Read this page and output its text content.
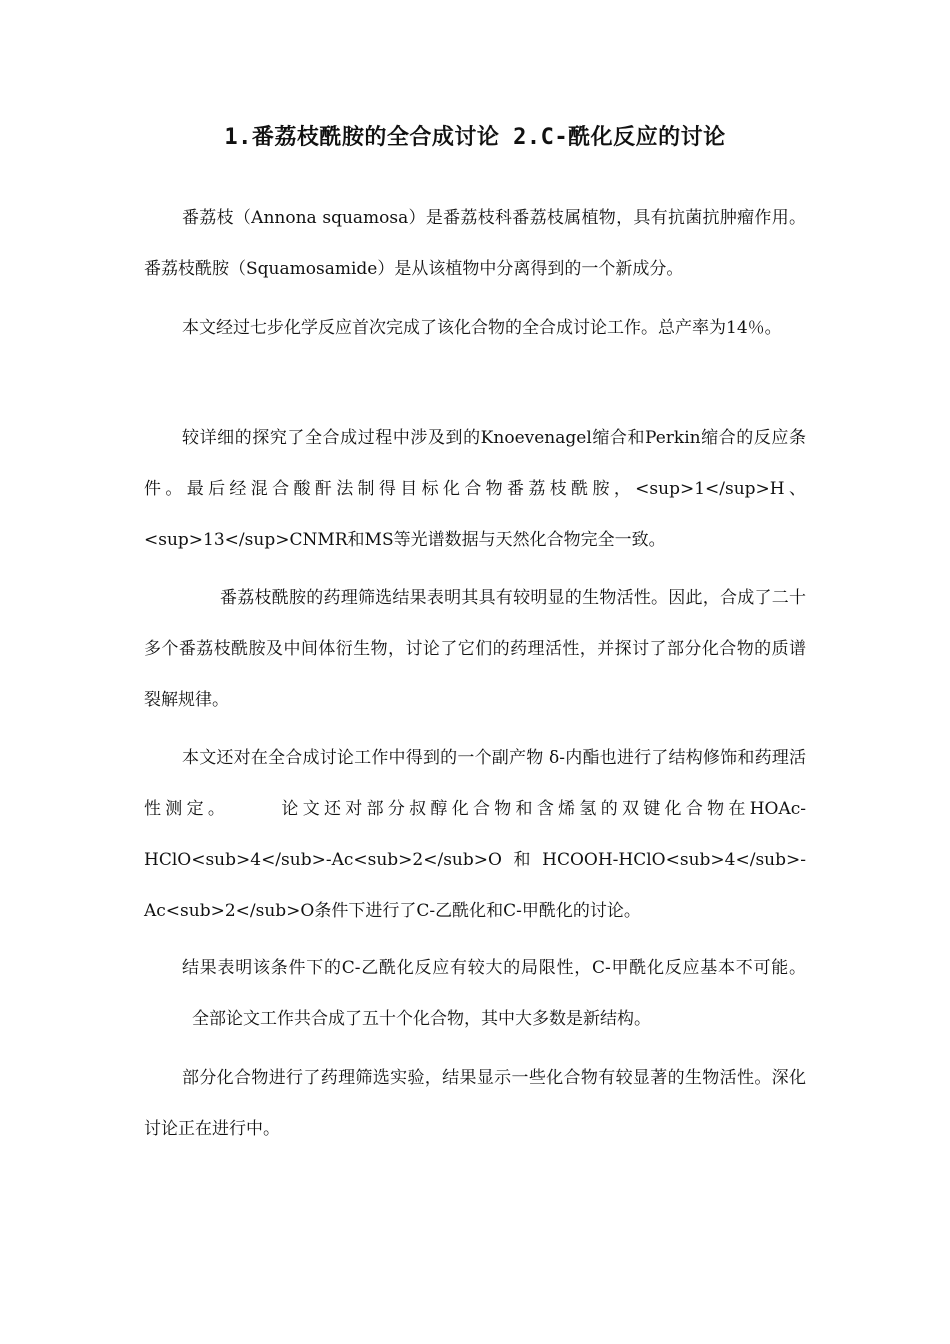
1.番荔枝酰胺的全合成讨论 2.C-酰化反应的讨论

番荔枝（Annona squamosa）是番荔枝科番荔枝属植物，具有抗菌抗肿瘤作用。番荔枝酰胺（Squamosamide）是从该植物中分离得到的一个新成分。

本文经过七步化学反应首次完成了该化合物的全合成讨论工作。总产率为14％。

较详细的探究了全合成过程中涉及到的Knoevenagel缩合和Perkin缩合的反应条件。最后经混合酸酐法制得目标化合物番荔枝酰胺，<sup>1</sup>H、<sup>13</sup>CNMR和MS等光谱数据与天然化合物完全一致。

番荔枝酰胺的药理筛选结果表明其具有较明显的生物活性。因此，合成了二十多个番荔枝酰胺及中间体衍生物，讨论了它们的药理活性，并探讨了部分化合物的质谱裂解规律。

本文还对在全合成讨论工作中得到的一个副产物 δ-内酯也进行了结构修饰和药理活性测定。	论文还对部分叔醇化合物和含烯氢的双键化合物在HOAc-HClO<sub>4</sub>-Ac<sub>2</sub>O和HCOOH-HClO<sub>4</sub>-Ac<sub>2</sub>O条件下进行了C-乙酰化和C-甲酰化的讨论。

结果表明该条件下的C-乙酰化反应有较大的局限性，C-甲酰化反应基本不可能。全部论文工作共合成了五十个化合物，其中大多数是新结构。

部分化合物进行了药理筛选实验，结果显示一些化合物有较显著的生物活性。深化讨论正在进行中。
